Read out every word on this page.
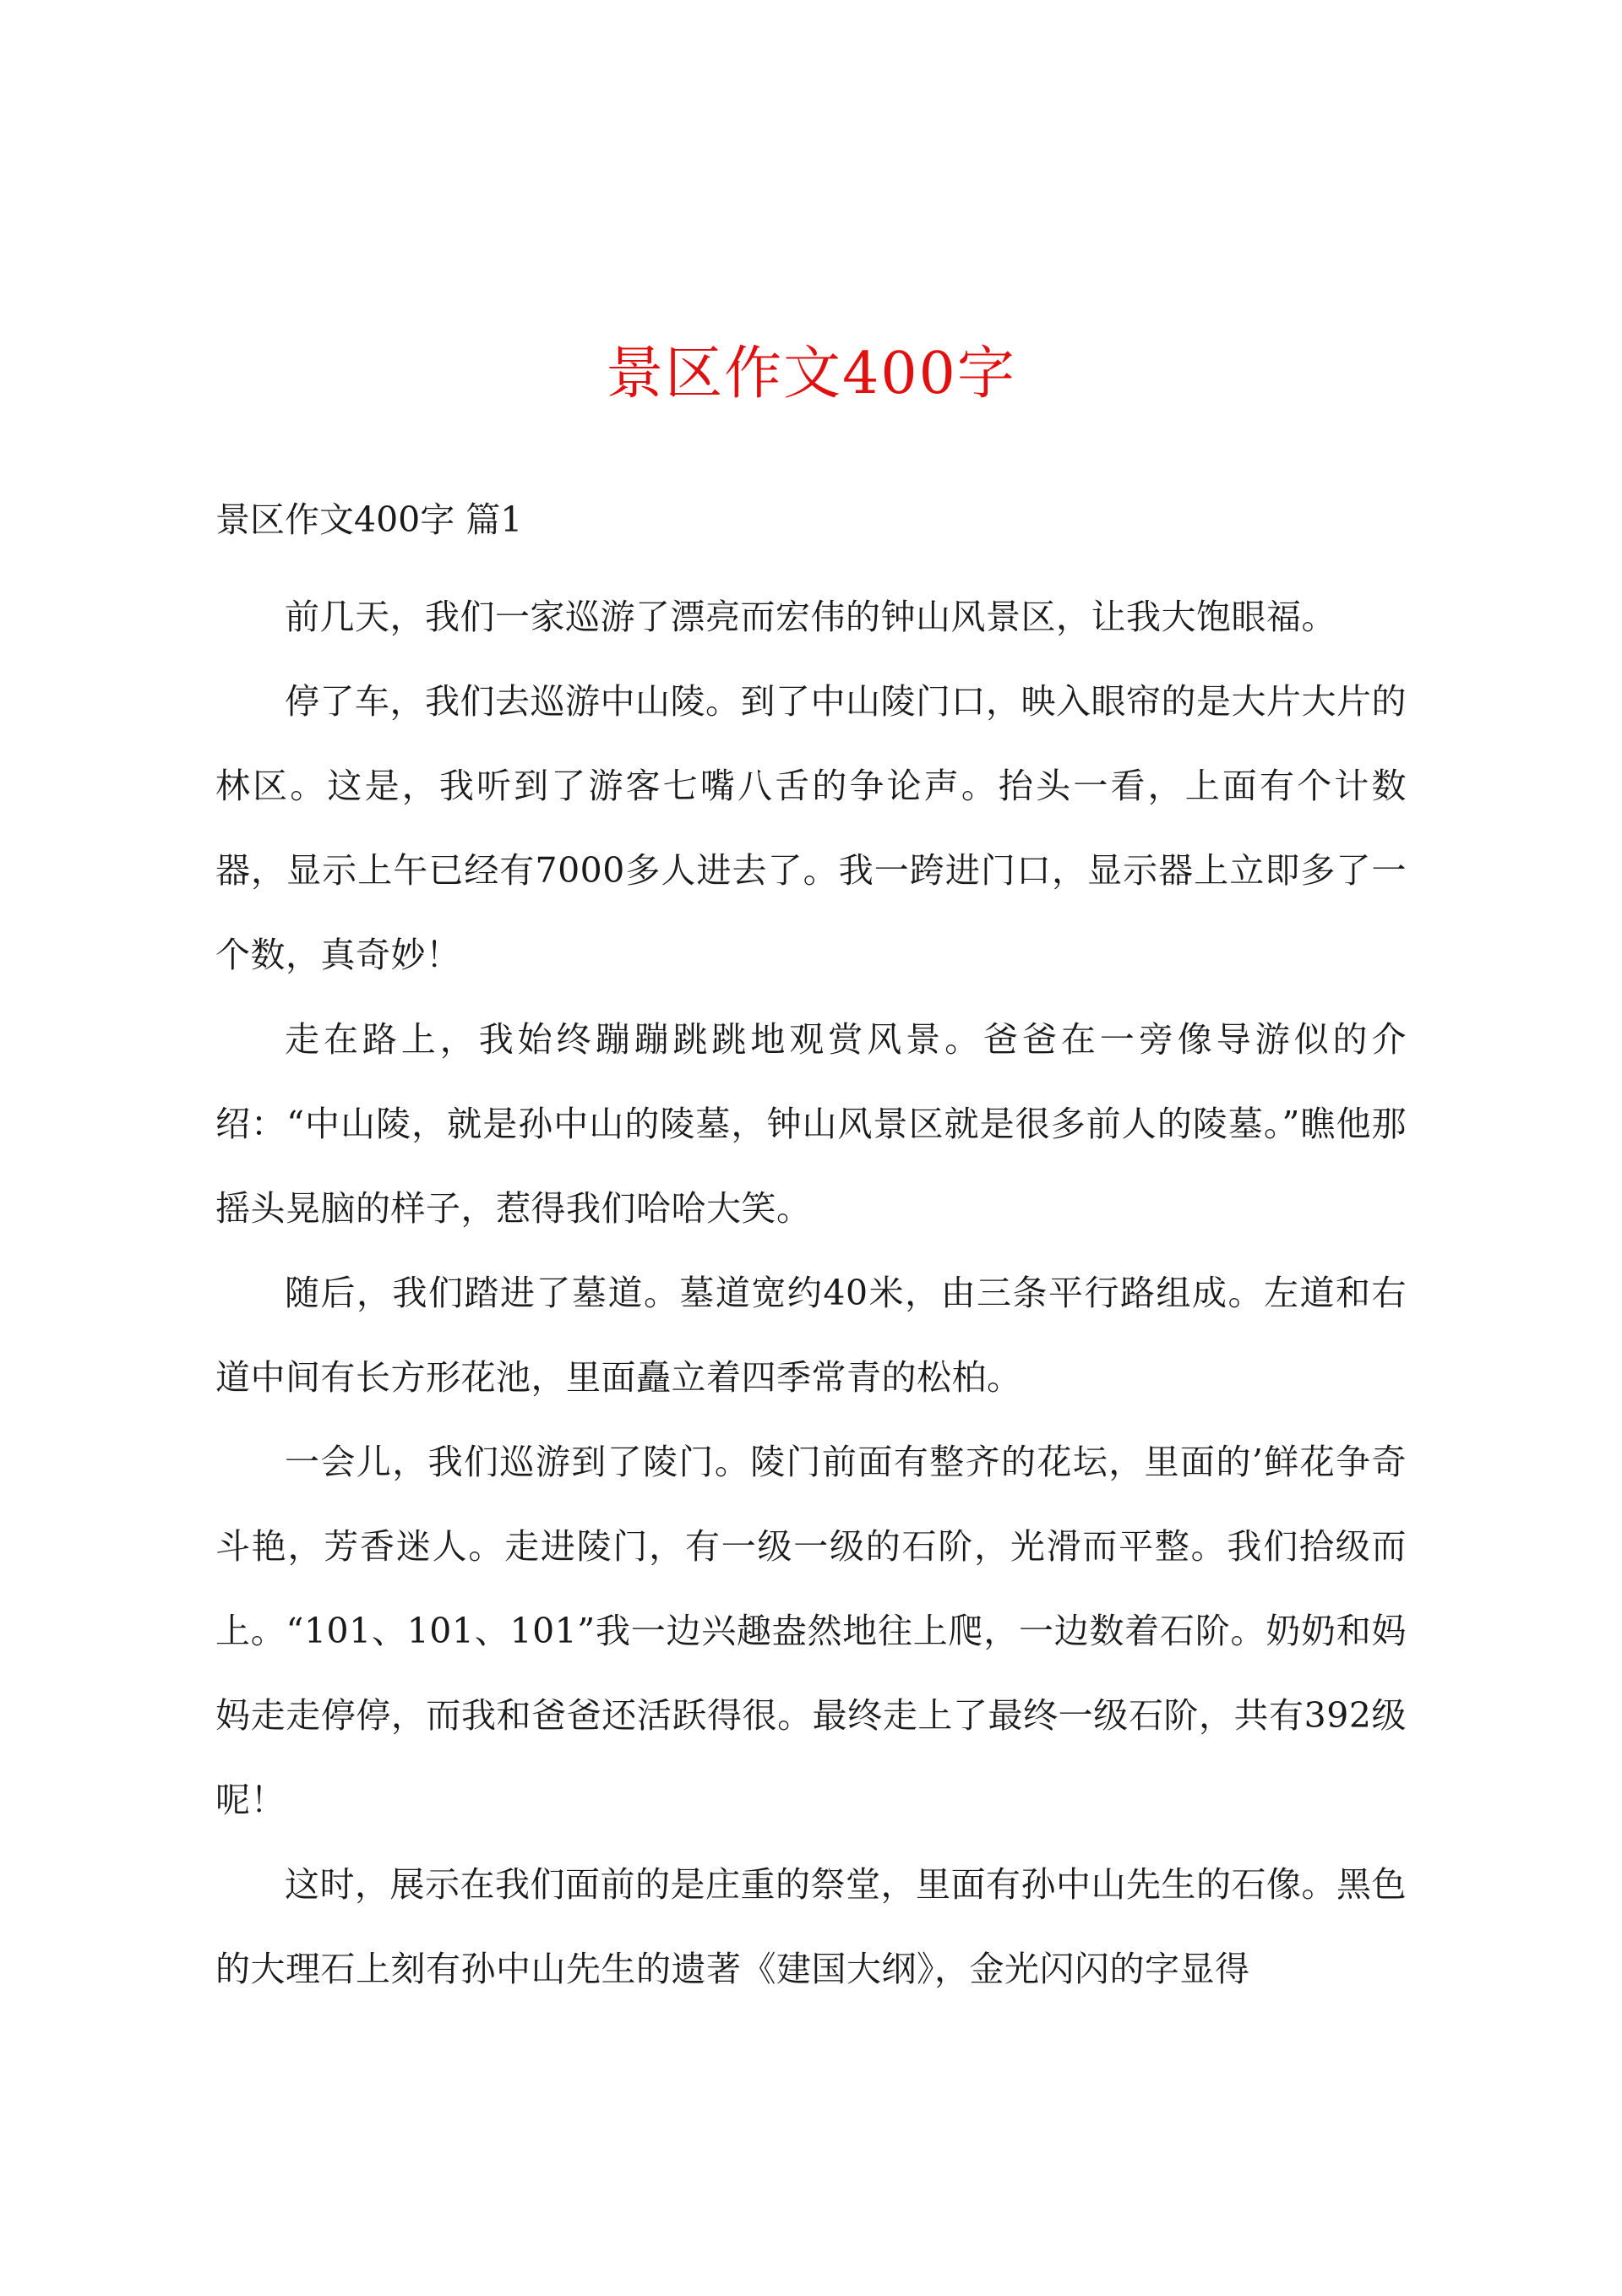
景区作文400字
景区作文400字 篇1

前几天，我们一家巡游了漂亮而宏伟的钟山风景区，让我大饱眼福。

停了车，我们去巡游中山陵。到了中山陵门口，映入眼帘的是大片大片的林区。这是，我听到了游客七嘴八舌的争论声。抬头一看，上面有个计数器，显示上午已经有7000多人进去了。我一跨进门口，显示器上立即多了一个数，真奇妙！

走在路上，我始终蹦蹦跳跳地观赏风景。爸爸在一旁像导游似的介绍：“中山陵，就是孙中山的陵墓，钟山风景区就是很多前人的陵墓。”瞧他那摇头晃脑的样子，惹得我们哈哈大笑。

随后，我们踏进了墓道。墓道宽约40米，由三条平行路组成。左道和右道中间有长方形花池，里面矗立着四季常青的松柏。

一会儿，我们巡游到了陵门。陵门前面有整齐的花坛，里面的’鲜花争奇斗艳，芳香迷人。走进陵门，有一级一级的石阶，光滑而平整。我们拾级而上。“101、101、101”我一边兴趣盎然地往上爬，一边数着石阶。奶奶和妈妈走走停停，而我和爸爸还活跃得很。最终走上了最终一级石阶，共有392级呢！

这时，展示在我们面前的是庄重的祭堂，里面有孙中山先生的石像。黑色的大理石上刻有孙中山先生的遗著《建国大纲》，金光闪闪的字显得
